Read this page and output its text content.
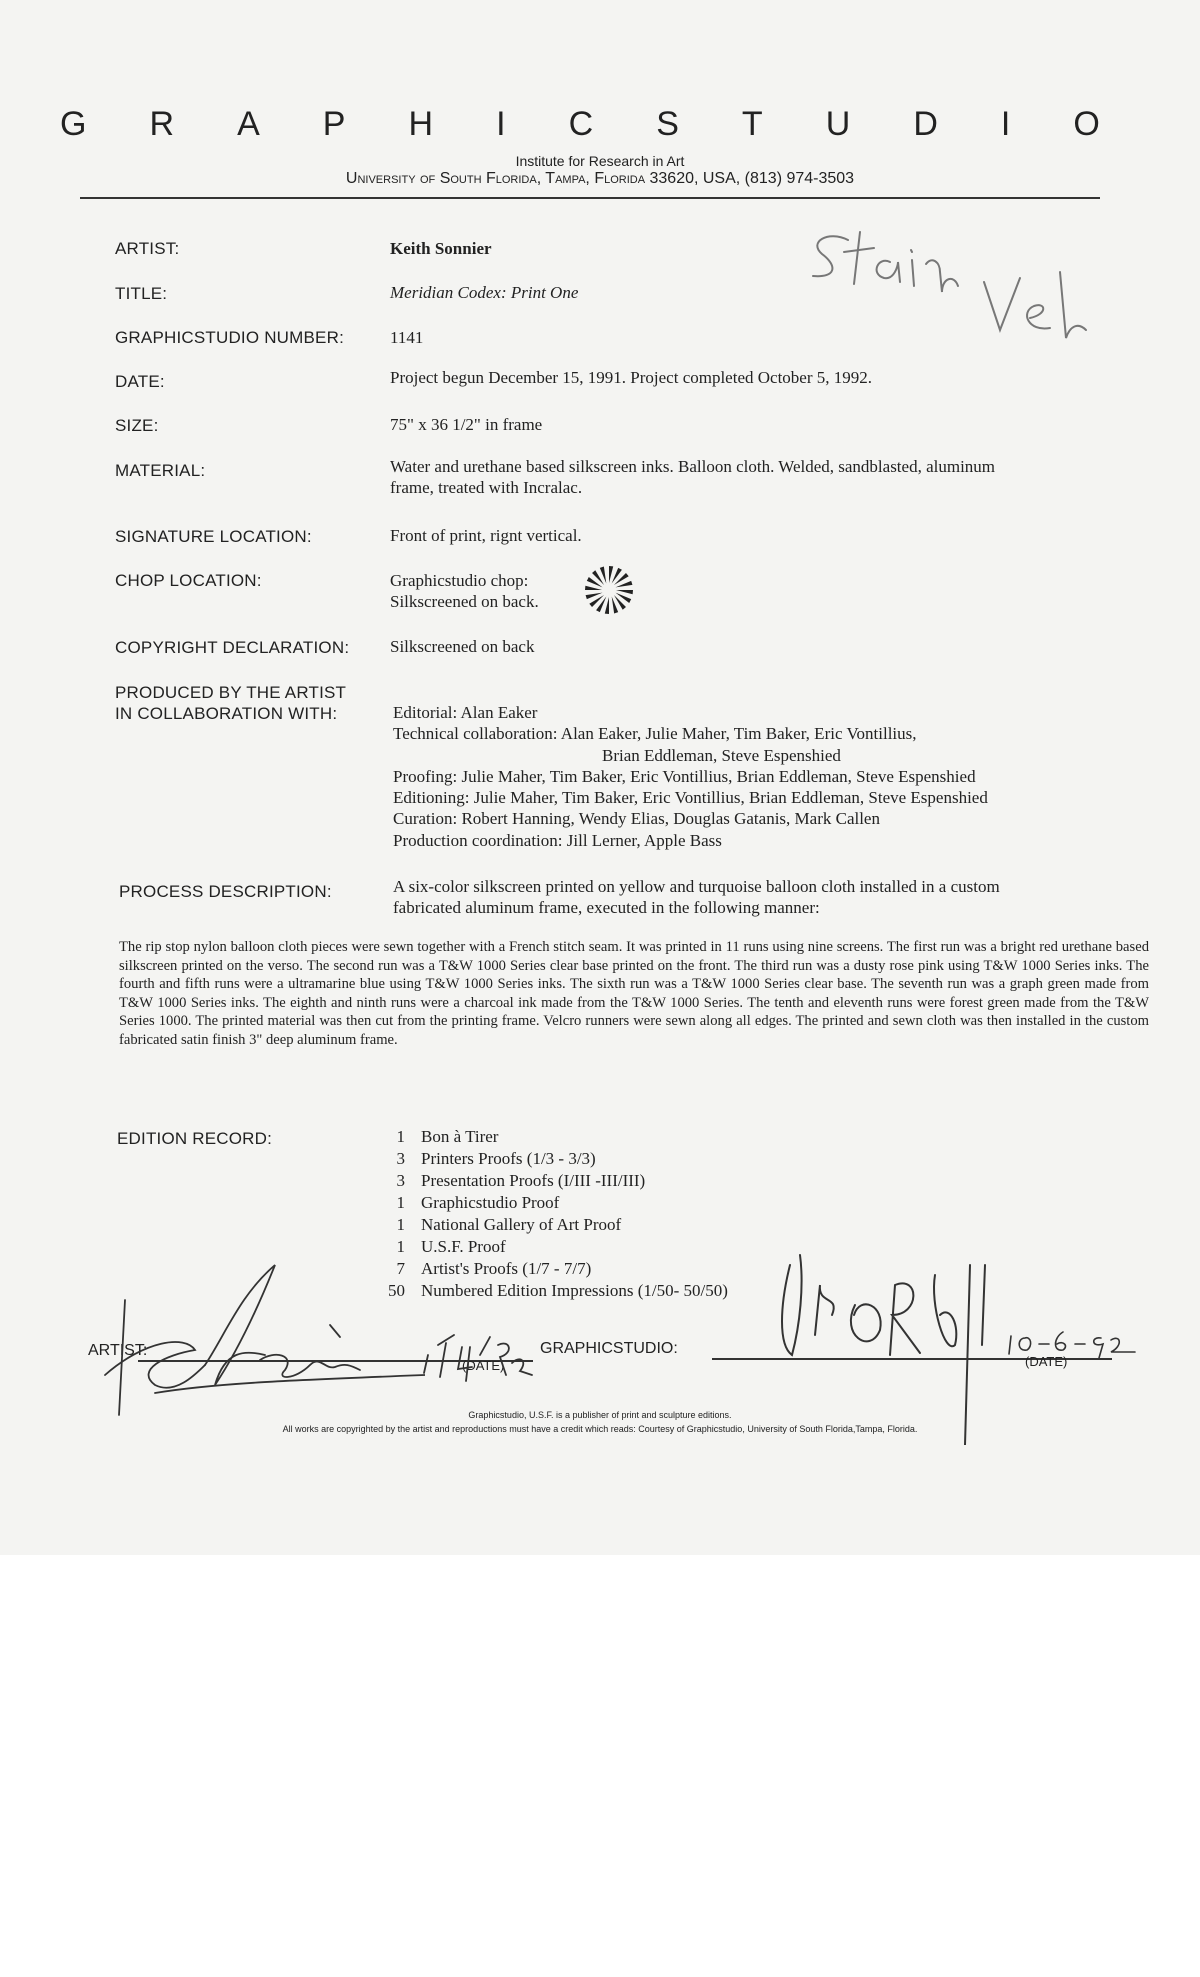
G R A P H I C S T U D I O
Institute for Research in Art
University of South Florida, Tampa, Florida 33620, USA, (813) 974-3503
ARTIST:	Keith Sonnier
TITLE:	Meridian Codex: Print One
GRAPHICSTUDIO NUMBER:	1141
DATE:	Project begun December 15, 1991. Project completed October 5, 1992.
SIZE:	75" x 36 1/2" in frame
MATERIAL:	Water and urethane based silkscreen inks. Balloon cloth. Welded, sandblasted, aluminum
frame, treated with Incralac.
SIGNATURE LOCATION:	Front of print, rignt vertical.
CHOP LOCATION:	Graphicstudio chop:
Silkscreened on back.
COPYRIGHT DECLARATION: Silkscreened on back
PRODUCED BY THE ARTIST
IN COLLABORATION WITH:	Editorial: Alan Eaker
Technical collaboration: Alan Eaker, Julie Maher, Tim Baker, Eric Vontillius,
Brian Eddleman, Steve Espenshied
Proofing: Julie Maher, Tim Baker, Eric Vontillius, Brian Eddleman, Steve Espenshied
Editioning: Julie Maher, Tim Baker, Eric Vontillius, Brian Eddleman, Steve Espenshied
Curation: Robert Hanning, Wendy Elias, Douglas Gatanis, Mark Callen
Production coordination: Jill Lerner, Apple Bass
PROCESS DESCRIPTION:	A six-color silkscreen printed on yellow and turquoise balloon cloth installed in a custom
fabricated aluminum frame, executed in the following manner:
The rip stop nylon balloon cloth pieces were sewn together with a French stitch seam. It was printed in 11 runs using nine screens. The first run was a bright red urethane based silkscreen printed on the verso. The second run was a T&W 1000 Series clear base printed on the front. The third run was a dusty rose pink using T&W 1000 Series inks. The fourth and fifth runs were a ultramarine blue using T&W 1000 Series inks. The sixth run was a T&W 1000 Series clear base. The seventh run was a graph green made from T&W 1000 Series inks. The eighth and ninth runs were a charcoal ink made from the T&W 1000 Series. The tenth and eleventh runs were forest green made from the T&W Series 1000. The printed material was then cut from the printing frame. Velcro runners were sewn along all edges. The printed and sewn cloth was then installed in the custom fabricated satin finish 3" deep aluminum frame.
EDITION RECORD:	1 Bon à Tirer
3 Printers Proofs (1/3 - 3/3)
3 Presentation Proofs (I/III -III/III)
1 Graphicstudio Proof
1 National Gallery of Art Proof
1 U.S.F. Proof
7 Artist's Proofs (1/7 - 7/7)
50 Numbered Edition Impressions (1/50- 50/50)
ARTIST:
(DATE)
GRAPHICSTUDIO:
(DATE)
Graphicstudio, U.S.F. is a publisher of print and sculpture editions.
All works are copyrighted by the artist and reproductions must have a credit which reads: Courtesy of Graphicstudio, University of South Florida,Tampa, Florida.
